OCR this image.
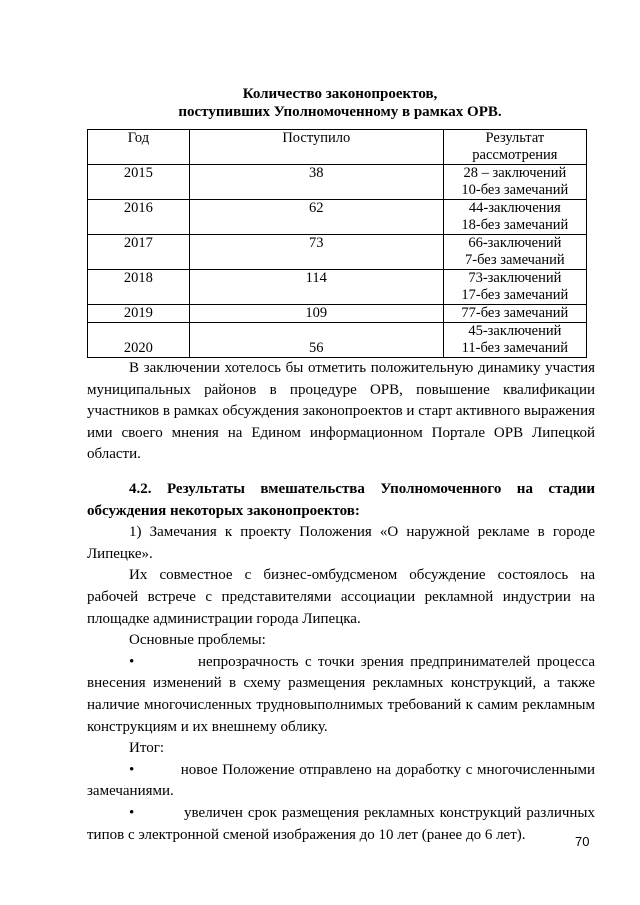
Количество законопроектов,
поступивших Уполномоченному в рамках ОРВ.
Год	Поступило	Результат
рассмотрения

2015	38	28 – заключений
10-без замечаний

2016	62	44-заключения
18-без замечаний

2017	73	66-заключений
7-без замечаний

2018	114	73-заключений
17-без замечаний

2019	109	77-без замечаний

2020	56	45-заключений
11-без замечаний

В заключении хотелось бы отметить положительную динамику участия муниципальных районов в процедуре ОРВ, повышение квалификации участников в рамках обсуждения законопроектов и старт активного выражения ими своего мнения на Едином информационном Портале ОРВ Липецкой области.

4.2. Результаты вмешательства Уполномоченного на стадии обсуждения некоторых законопроектов:

1) Замечания к проекту Положения «О наружной рекламе в городе Липецке».

Их совместное с бизнес-омбудсменом обсуждение состоялось на рабочей встрече с представителями ассоциации рекламной индустрии на площадке администрации города Липецка.

Основные проблемы:

•	непрозрачность с точки зрения предпринимателей процесса внесения изменений в схему размещения рекламных конструкций, а также наличие многочисленных трудновыполнимых требований к самим рекламным конструкциям и их внешнему облику.

Итог:

•	новое Положение отправлено на доработку с многочисленными замечаниями.

•	увеличен срок размещения рекламных конструкций различных типов с электронной сменой изображения до 10 лет (ранее до 6 лет).	70
